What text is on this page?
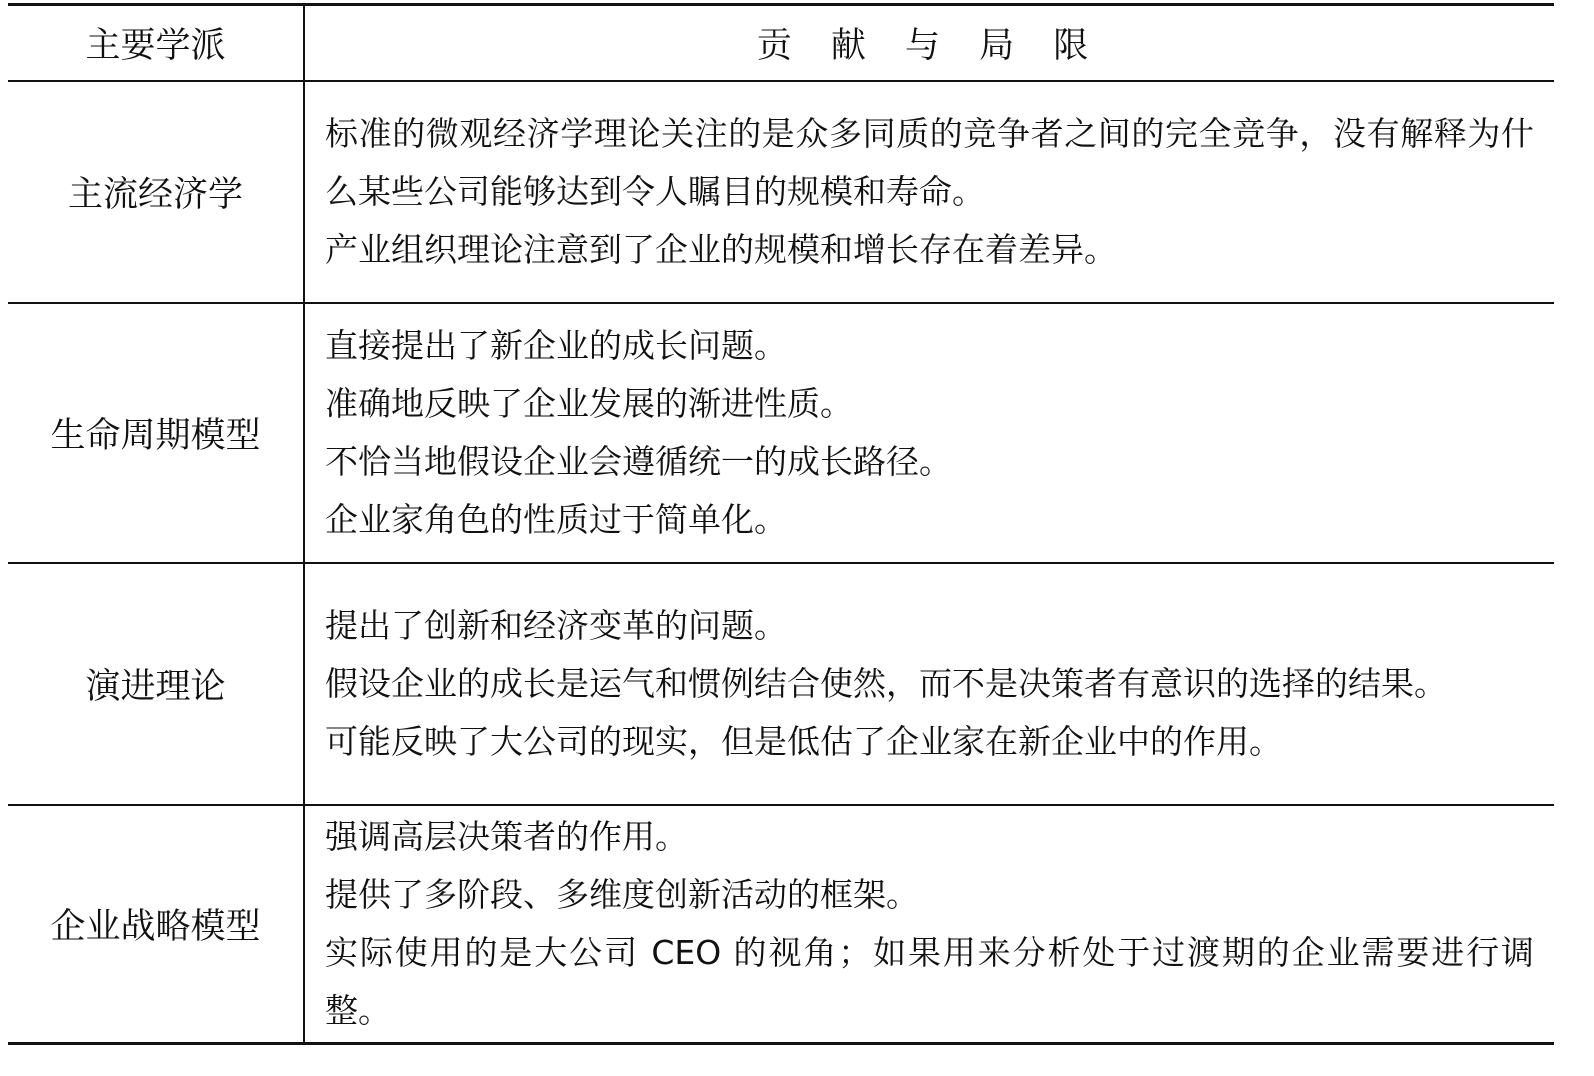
主要学派	贡 献 与 局 限
主流经济学	标准的微观经济学理论关注的是众多同质的竞争者之间的完全竞争，没有解释为什么某些公司能够达到令人瞩目的规模和寿命。
产业组织理论注意到了企业的规模和增长存在着差异。

生命周期模型	直接提出了新企业的成长问题。
准确地反映了企业发展的渐进性质。
不恰当地假设企业会遵循统一的成长路径。
企业家角色的性质过于简单化。

演进理论	提出了创新和经济变革的问题。
假设企业的成长是运气和惯例结合使然，而不是决策者有意识的选择的结果。
可能反映了大公司的现实，但是低估了企业家在新企业中的作用。

企业战略模型	强调高层决策者的作用。
提供了多阶段、多维度创新活动的框架。
实际使用的是大公司 CEO 的视角；如果用来分析处于过渡期的企业需要进行调整。
